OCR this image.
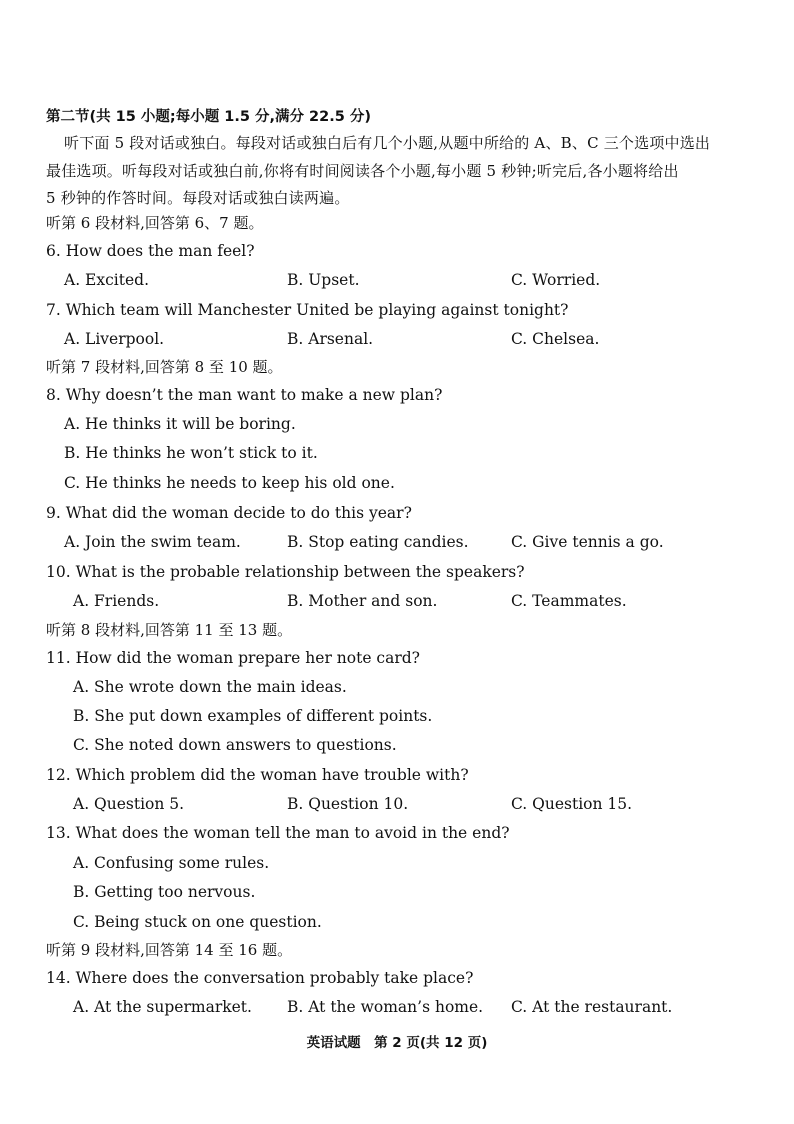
第二节(共 15 小题;每小题 1.5 分,满分 22.5 分)
听下面 5 段对话或独白。每段对话或独白后有几个小题,从题中所给的 A、B、C 三个选项中选出
最佳选项。听每段对话或独白前,你将有时间阅读各个小题,每小题 5 秒钟;听完后,各小题将给出
5 秒钟的作答时间。每段对话或独白读两遍。
听第 6 段材料,回答第 6、7 题。
6. How does the man feel?
A. Excited.	B. Upset.	C. Worried.
7. Which team will Manchester United be playing against tonight?
A. Liverpool.	B. Arsenal.	C. Chelsea.
听第 7 段材料,回答第 8 至 10 题。
8. Why doesn’t the man want to make a new plan?
A. He thinks it will be boring.
B. He thinks he won’t stick to it.
C. He thinks he needs to keep his old one.
9. What did the woman decide to do this year?
A. Join the swim team.	B. Stop eating candies.	C. Give tennis a go.
10. What is the probable relationship between the speakers?
A. Friends.	B. Mother and son.	C. Teammates.
听第 8 段材料,回答第 11 至 13 题。
11. How did the woman prepare her note card?
A. She wrote down the main ideas.
B. She put down examples of different points.
C. She noted down answers to questions.
12. Which problem did the woman have trouble with?
A. Question 5.	B. Question 10.	C. Question 15.
13. What does the woman tell the man to avoid in the end?
A. Confusing some rules.
B. Getting too nervous.
C. Being stuck on one question.
听第 9 段材料,回答第 14 至 16 题。
14. Where does the conversation probably take place?
A. At the supermarket. B. At the woman’s home. C. At the restaurant.
英语试题　第 2 页(共 12 页)
